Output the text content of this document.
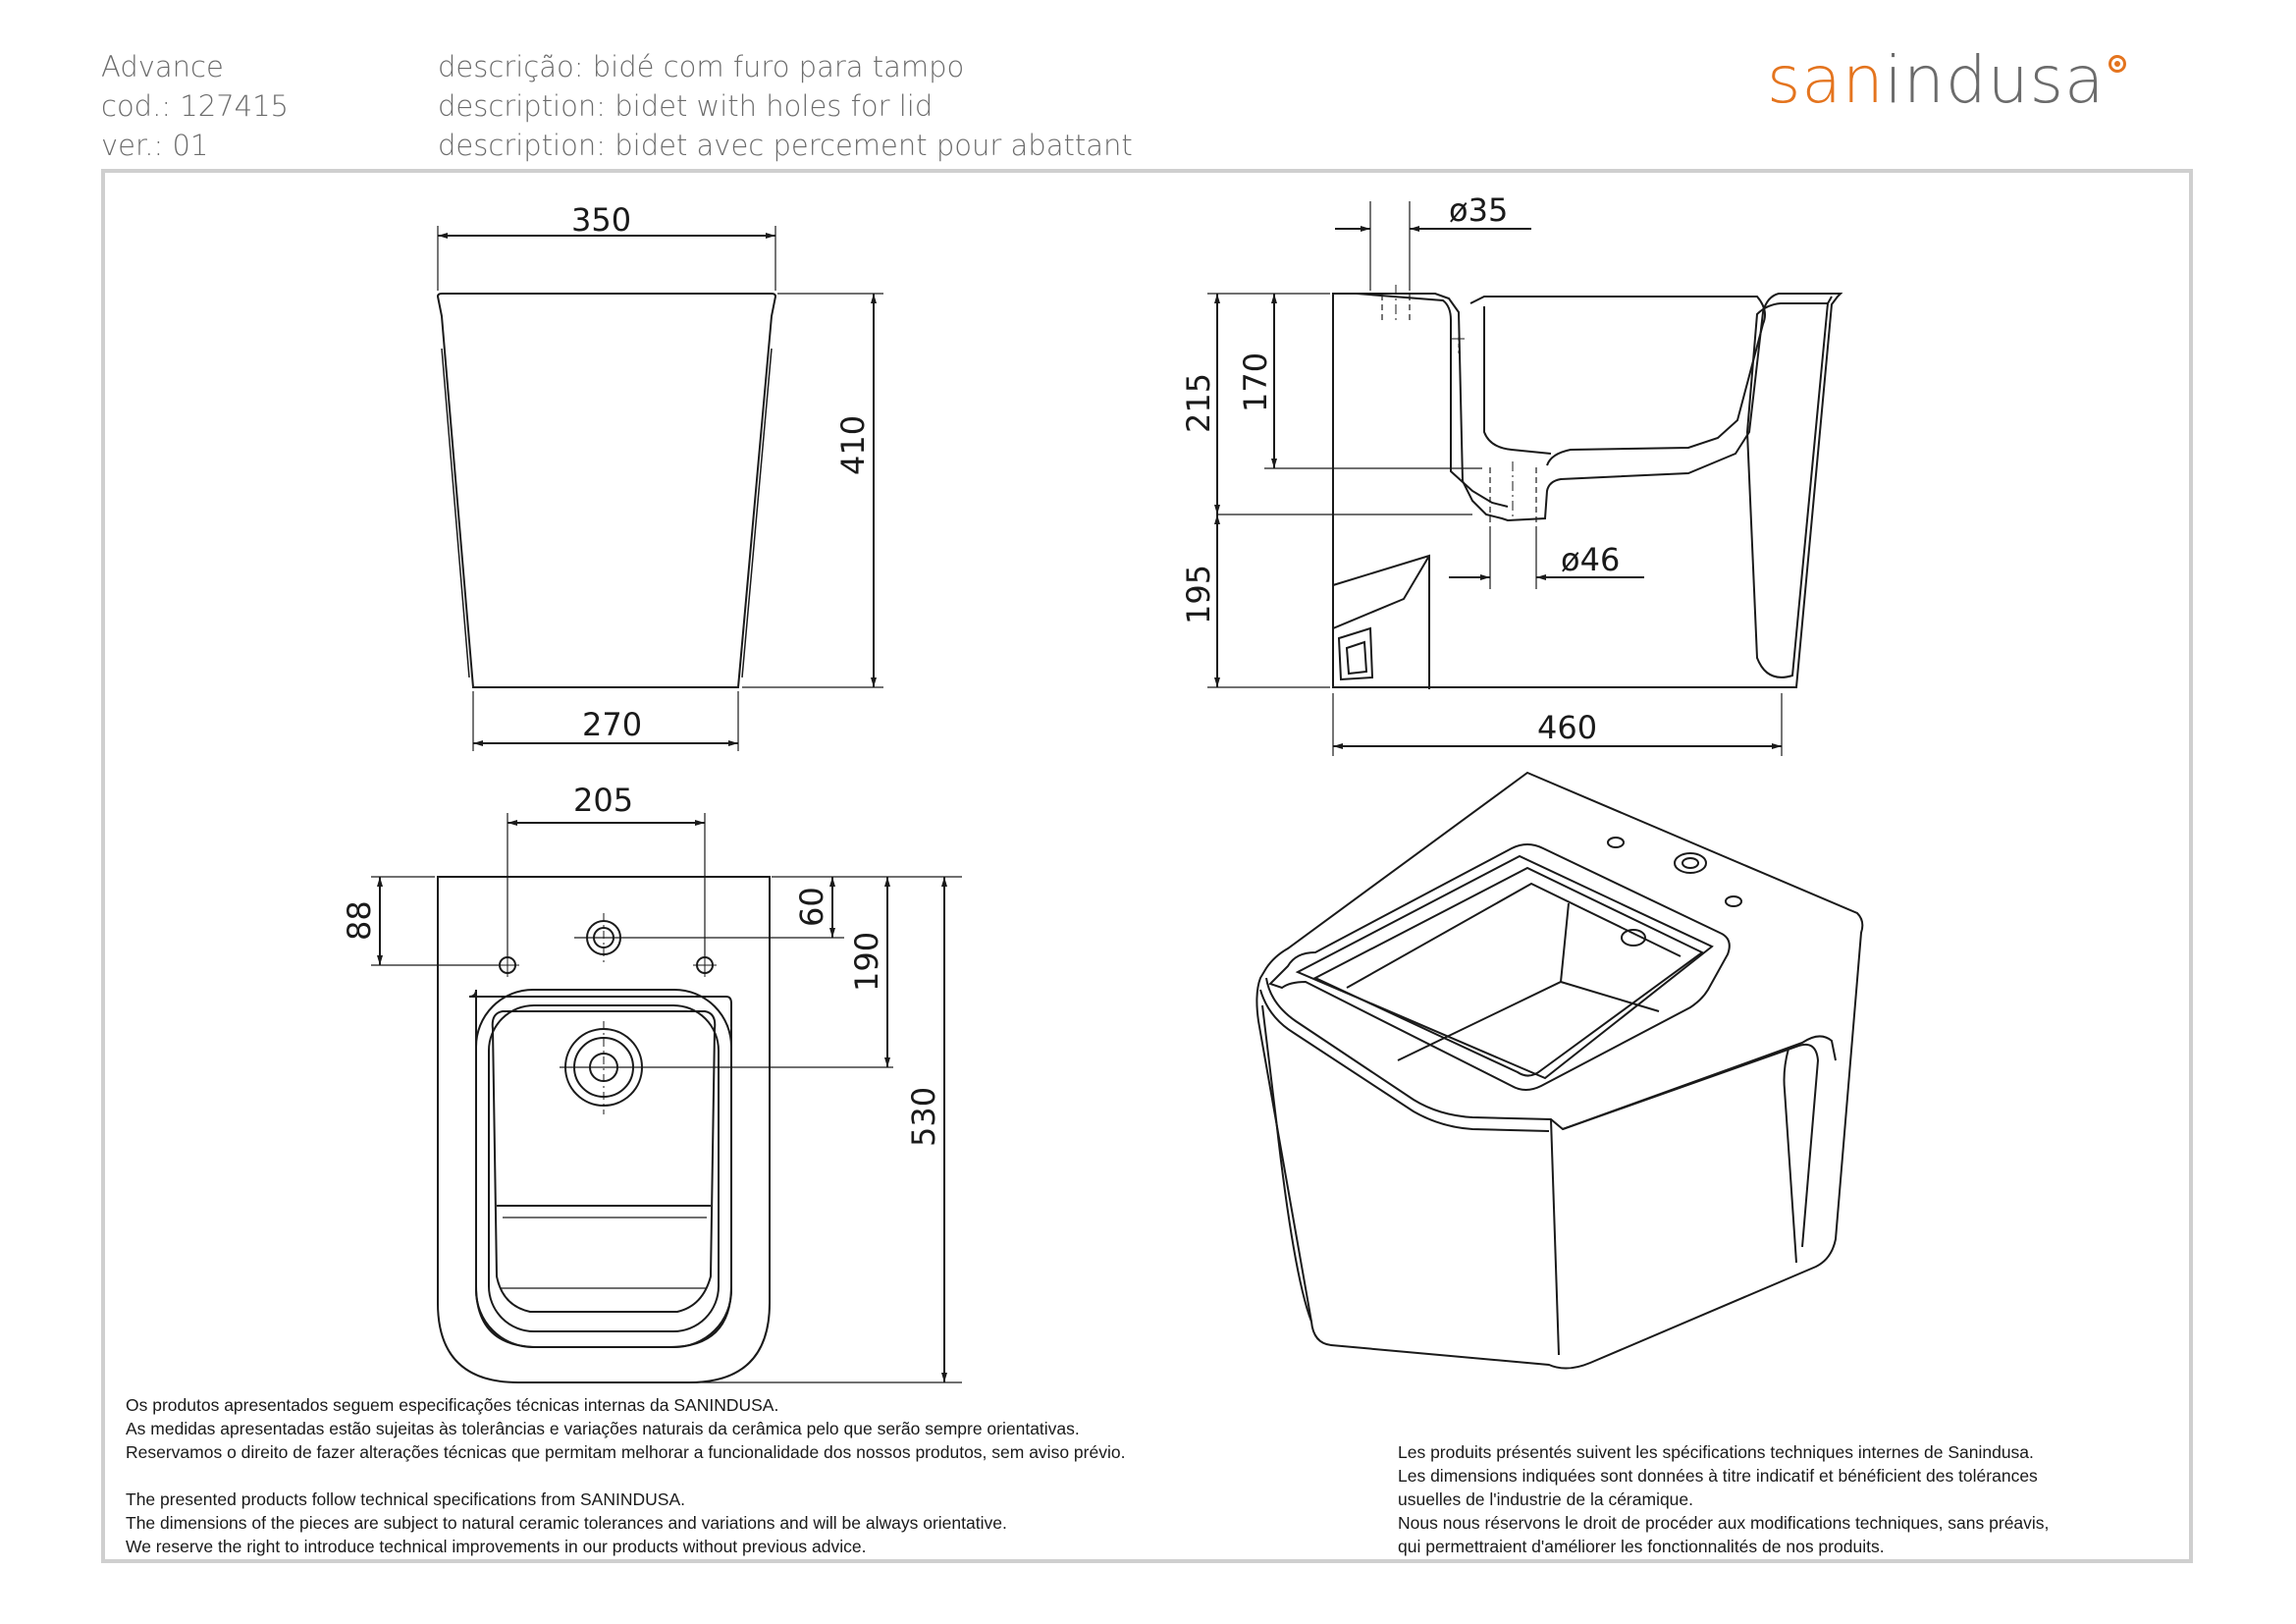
Advance
cod.: 127415
ver.: 01
descrição: bidé com furo para tampo
description: bidet with holes for lid
description: bidet avec percement pour abattant
sanindusa
350
410
270
ø35
215 170
195
ø46
460
205
88	60
190
530
Os produtos apresentados seguem especificações técnicas internas da SANINDUSA.
As medidas apresentadas estão sujeitas às tolerâncias e variações naturais da cerâmica pelo que serão sempre orientativas.
Reservamos o direito de fazer alterações técnicas que permitam melhorar a funcionalidade dos nossos produtos, sem aviso prévio.
The presented products follow technical specifications from SANINDUSA.
The dimensions of the pieces are subject to natural ceramic tolerances and variations and will be always orientative.
We reserve the right to introduce technical improvements in our products without previous advice.
Les produits présentés suivent les spécifications techniques internes de Sanindusa.
Les dimensions indiquées sont données à titre indicatif et bénéficient des tolérances
usuelles de l'industrie de la céramique.
Nous nous réservons le droit de procéder aux modifications techniques, sans préavis,
qui permettraient d'améliorer les fonctionnalités de nos produits.
